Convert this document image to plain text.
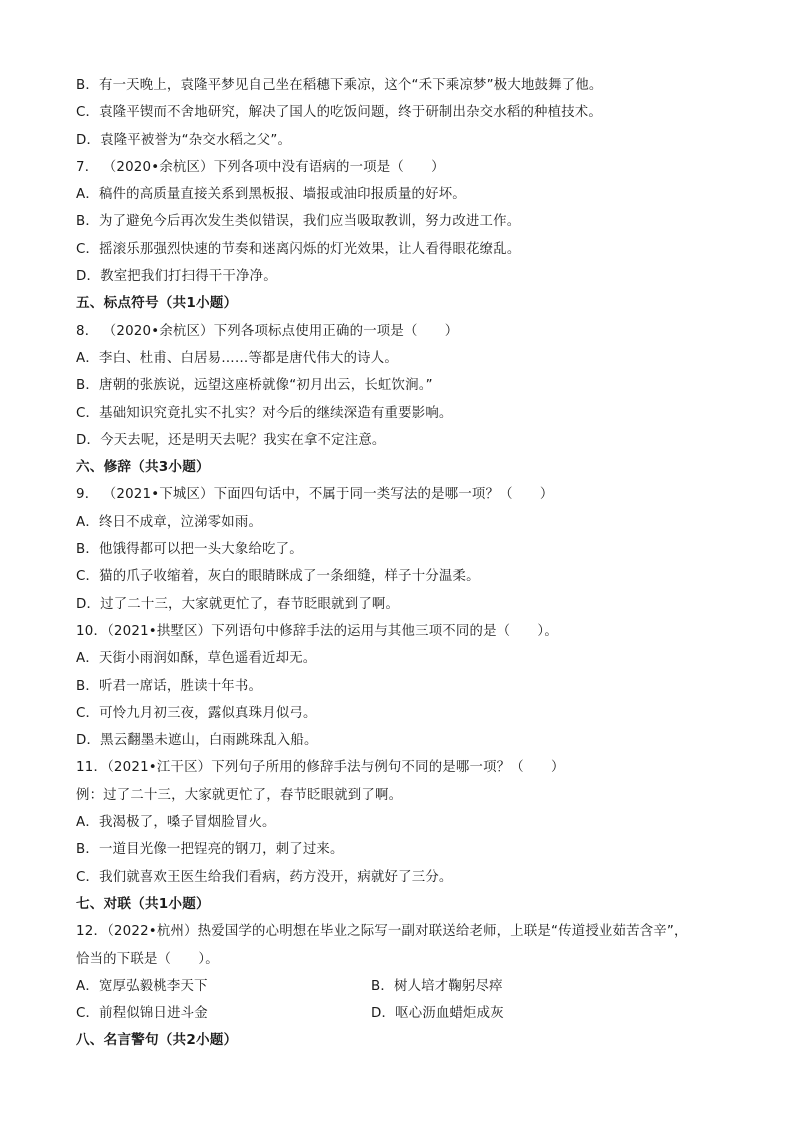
B．有一天晚上，袁隆平梦见自己坐在稻穗下乘凉，这个“禾下乘凉梦”极大地鼓舞了他。
C．袁隆平锲而不舍地研究，解决了国人的吃饭问题，终于研制出杂交水稻的种植技术。
D．袁隆平被誉为“杂交水稻之父”。
7． （2020•余杭区）下列各项中没有语病的一项是（　　）
A．稿件的高质量直接关系到黑板报、墙报或油印报质量的好坏。
B．为了避免今后再次发生类似错误，我们应当吸取教训，努力改进工作。
C．摇滚乐那强烈快速的节奏和迷离闪烁的灯光效果，让人看得眼花缭乱。
D．教室把我们打扫得干干净净。
五、标点符号（共1小题）
8． （2020•余杭区）下列各项标点使用正确的一项是（　　）
A．李白、杜甫、白居易……等都是唐代伟大的诗人。
B．唐朝的张族说，远望这座桥就像“初月出云，长虹饮涧。”
C．基础知识究竟扎实不扎实？对今后的继续深造有重要影响。
D．今天去呢，还是明天去呢？我实在拿不定注意。
六、修辞（共3小题）
9． （2021•下城区）下面四句话中，不属于同一类写法的是哪一项？（　　）
A．终日不成章，泣涕零如雨。
B．他饿得都可以把一头大象给吃了。
C．猫的爪子收缩着，灰白的眼睛眯成了一条细缝，样子十分温柔。
D．过了二十三，大家就更忙了，春节眨眼就到了啊。
10．（2021•拱墅区）下列语句中修辞手法的运用与其他三项不同的是（　　）。
A．天街小雨润如酥，草色遥看近却无。
B．听君一席话，胜读十年书。
C．可怜九月初三夜，露似真珠月似弓。
D．黑云翻墨未遮山，白雨跳珠乱入船。
11．（2021•江干区）下列句子所用的修辞手法与例句不同的是哪一项？（　　）
例：过了二十三，大家就更忙了，春节眨眼就到了啊。
A．我渴极了，嗓子冒烟脸冒火。
B．一道目光像一把锃亮的钢刀，刺了过来。
C．我们就喜欢王医生给我们看病，药方没开，病就好了三分。
七、对联（共1小题）
12．（2022•杭州）热爱国学的心明想在毕业之际写一副对联送给老师，上联是“传道授业茹苦含辛”，
恰当的下联是（　　）。
A．宽厚弘毅桃李天下	B．树人培才鞠躬尽瘁
C．前程似锦日进斗金	D．呕心沥血蜡炬成灰
八、名言警句（共2小题）
